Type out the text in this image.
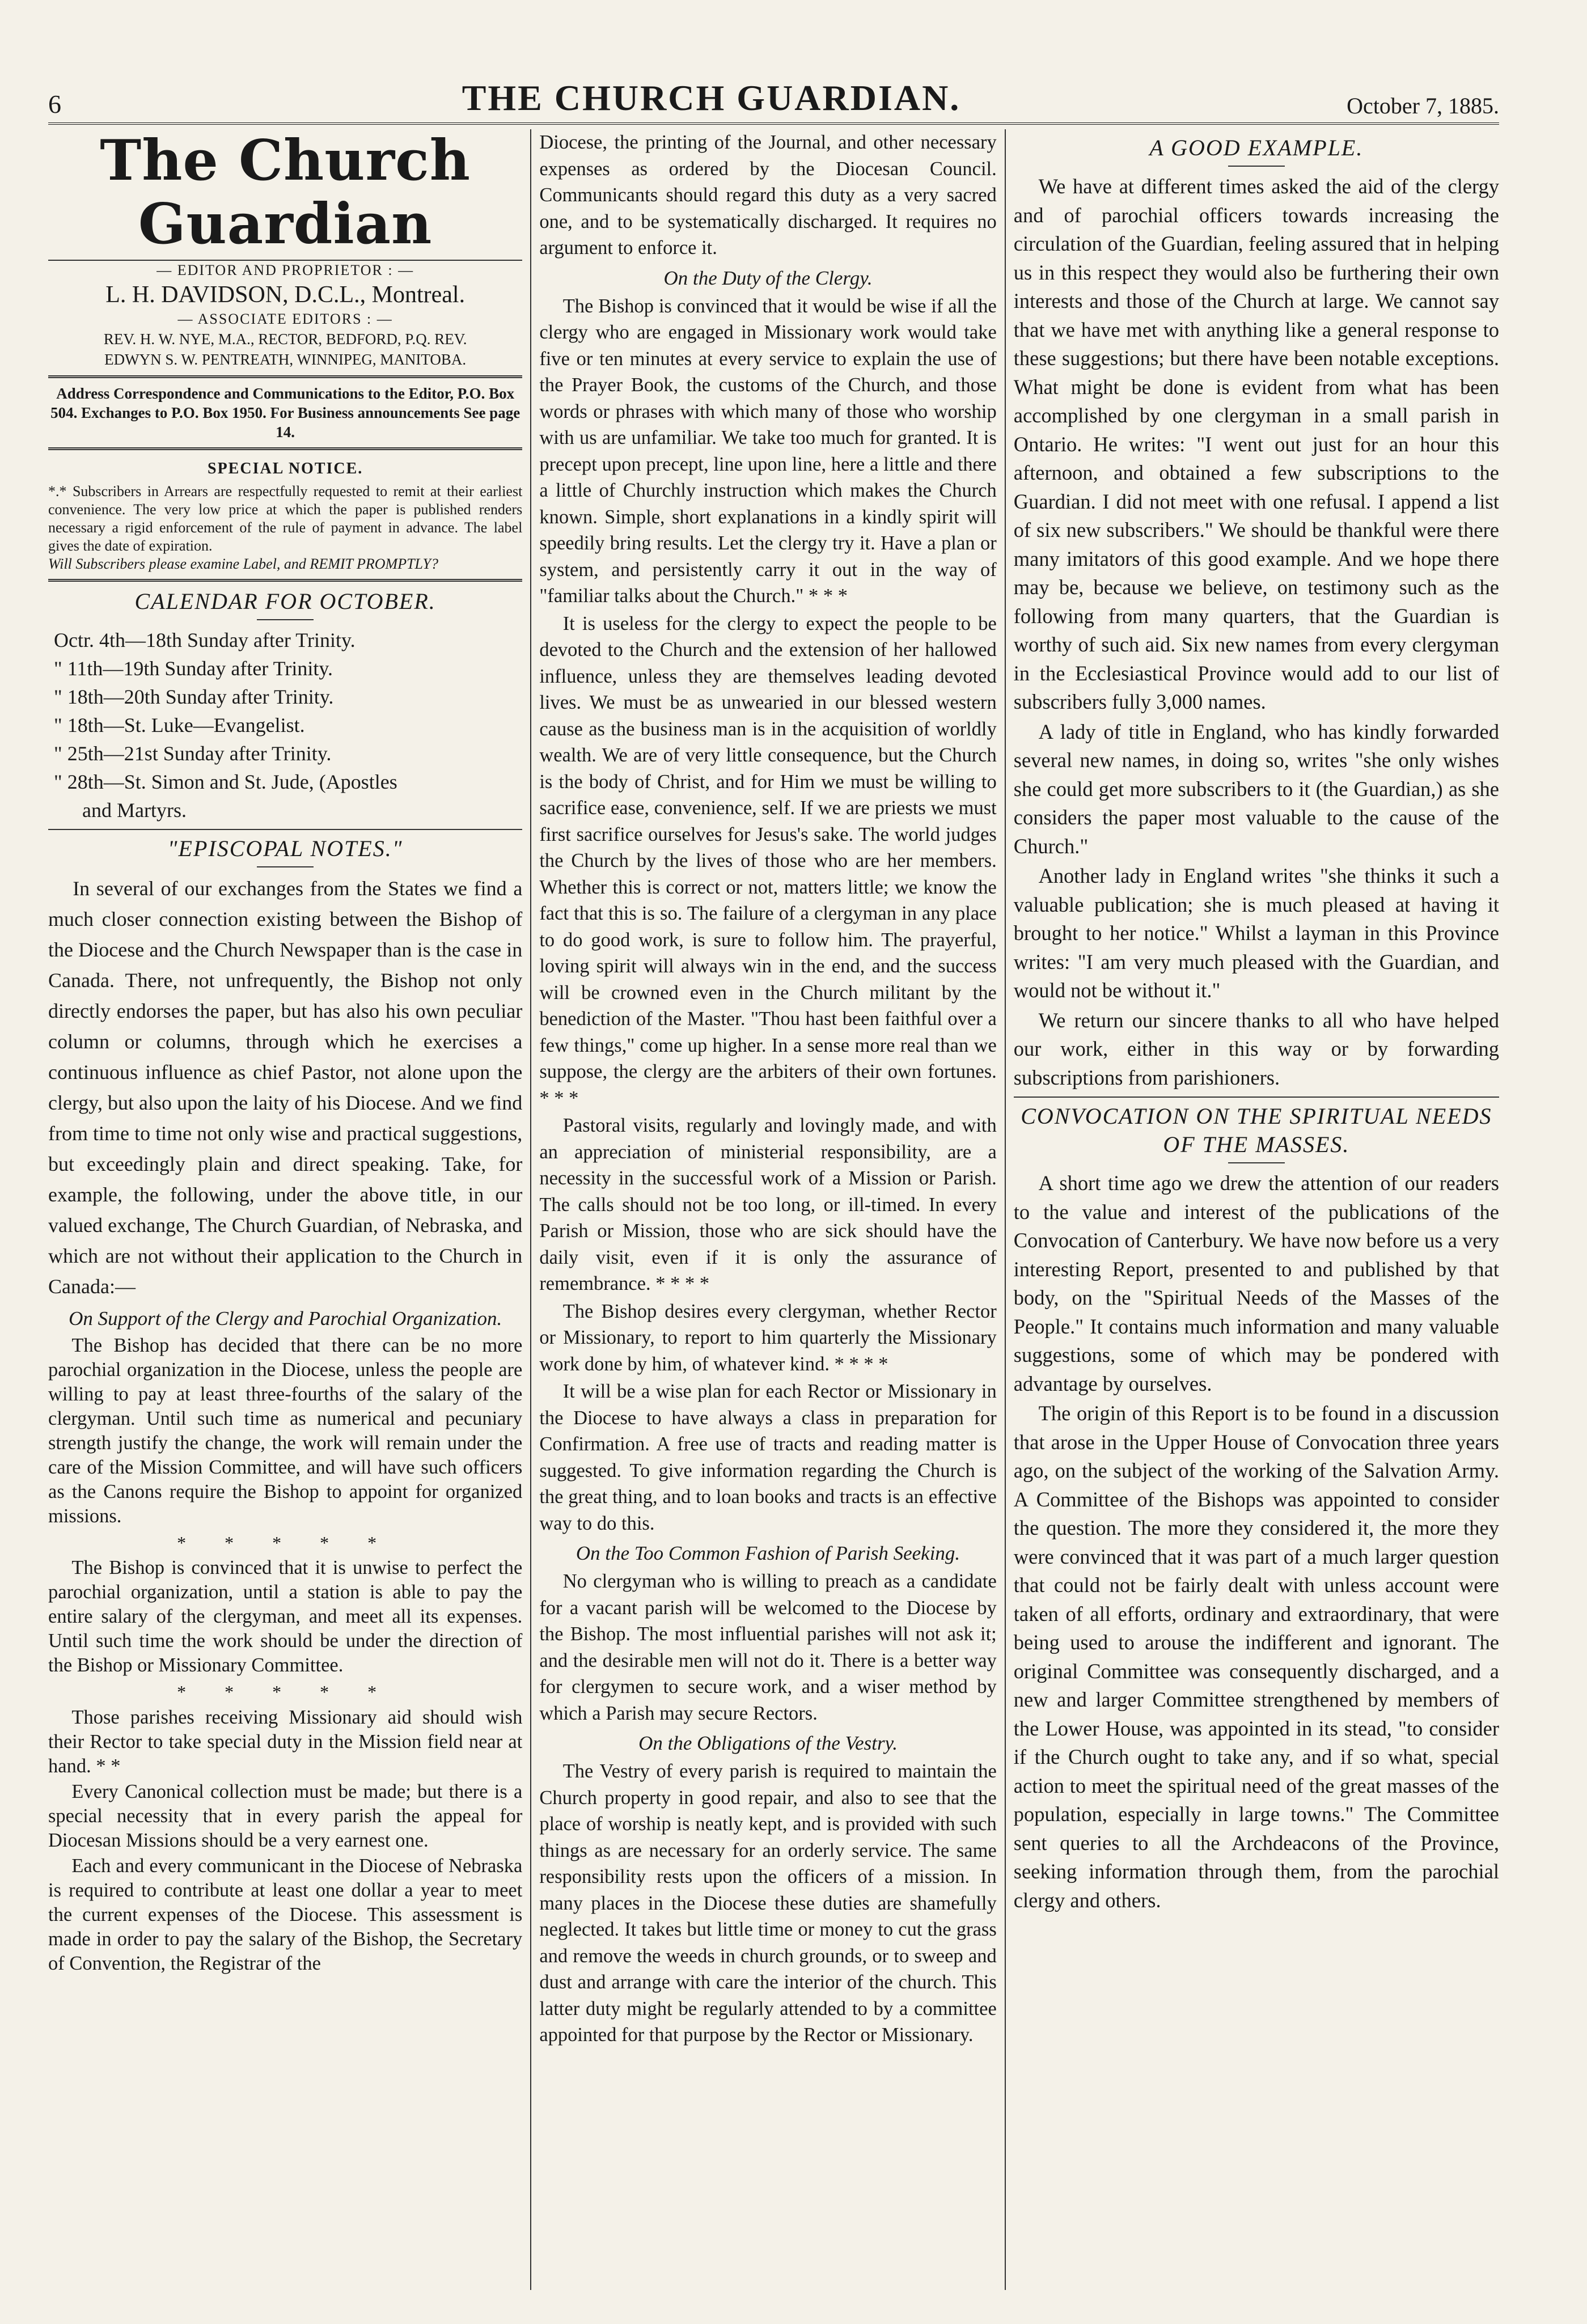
6	THE CHURCH GUARDIAN.	October 7, 1885.
The Church Guardian
— EDITOR AND PROPRIETOR : —
L. H. DAVIDSON, D.C.L., Montreal.
— ASSOCIATE EDITORS : —
REV. H. W. NYE, M.A., RECTOR, BEDFORD, P.Q. REV.
EDWYN S. W. PENTREATH, WINNIPEG, MANITOBA.
Address Correspondence and Communications to the Editor, P.O. Box 504. Exchanges to P.O. Box 1950. For Business announcements See page 14.
SPECIAL NOTICE.
*.* Subscribers in Arrears are respectfully requested to remit at their earliest convenience. The very low price at which the paper is published renders necessary a rigid enforcement of the rule of payment in advance. The label gives the date of expiration.
Will Subscribers please examine Label, and REMIT PROMPTLY?
CALENDAR FOR OCTOBER.
Octr. 4th—18th Sunday after Trinity.
" 11th—19th Sunday after Trinity.
" 18th—20th Sunday after Trinity.
" 18th—St. Luke—Evangelist.
" 25th—21st Sunday after Trinity.
" 28th—St. Simon and St. Jude, (Apostles
and Martyrs.
"EPISCOPAL NOTES."

In several of our exchanges from the States we find a much closer connection existing between the Bishop of the Diocese and the Church Newspaper than is the case in Canada. There, not unfrequently, the Bishop not only directly endorses the paper, but has also his own peculiar column or columns, through which he exercises a continuous influence as chief Pastor, not alone upon the clergy, but also upon the laity of his Diocese. And we find from time to time not only wise and practical suggestions, but exceedingly plain and direct speaking. Take, for example, the following, under the above title, in our valued exchange, The Church Guardian, of Nebraska, and which are not without their application to the Church in Canada:—

On Support of the Clergy and Parochial Organization.

The Bishop has decided that there can be no more parochial organization in the Diocese, unless the people are willing to pay at least three-fourths of the salary of the clergyman. Until such time as numerical and pecuniary strength justify the change, the work will remain under the care of the Mission Committee, and will have such officers as the Canons require the Bishop to appoint for organized missions.

* * * * *

The Bishop is convinced that it is unwise to perfect the parochial organization, until a station is able to pay the entire salary of the clergyman, and meet all its expenses. Until such time the work should be under the direction of the Bishop or Missionary Committee.

* * * * *

Those parishes receiving Missionary aid should wish their Rector to take special duty in the Mission field near at hand. * *

Every Canonical collection must be made; but there is a special necessity that in every parish the appeal for Diocesan Missions should be a very earnest one.

Each and every communicant in the Diocese of Nebraska is required to contribute at least one dollar a year to meet the current expenses of the Diocese. This assessment is made in order to pay the salary of the Bishop, the Secretary of Convention, the Registrar of the

Diocese, the printing of the Journal, and other necessary expenses as ordered by the Diocesan Council. Communicants should regard this duty as a very sacred one, and to be systematically discharged. It requires no argument to enforce it.

On the Duty of the Clergy.

The Bishop is convinced that it would be wise if all the clergy who are engaged in Missionary work would take five or ten minutes at every service to explain the use of the Prayer Book, the customs of the Church, and those words or phrases with which many of those who worship with us are unfamiliar. We take too much for granted. It is precept upon precept, line upon line, here a little and there a little of Churchly instruction which makes the Church known. Simple, short explanations in a kindly spirit will speedily bring results. Let the clergy try it. Have a plan or system, and persistently carry it out in the way of "familiar talks about the Church." * * *

It is useless for the clergy to expect the people to be devoted to the Church and the extension of her hallowed influence, unless they are themselves leading devoted lives. We must be as unwearied in our blessed western cause as the business man is in the acquisition of worldly wealth. We are of very little consequence, but the Church is the body of Christ, and for Him we must be willing to sacrifice ease, convenience, self. If we are priests we must first sacrifice ourselves for Jesus's sake. The world judges the Church by the lives of those who are her members. Whether this is correct or not, matters little; we know the fact that this is so. The failure of a clergyman in any place to do good work, is sure to follow him. The prayerful, loving spirit will always win in the end, and the success will be crowned even in the Church militant by the benediction of the Master. "Thou hast been faithful over a few things," come up higher. In a sense more real than we suppose, the clergy are the arbiters of their own fortunes. * * *

Pastoral visits, regularly and lovingly made, and with an appreciation of ministerial responsibility, are a necessity in the successful work of a Mission or Parish. The calls should not be too long, or ill-timed. In every Parish or Mission, those who are sick should have the daily visit, even if it is only the assurance of remembrance. * * * *

The Bishop desires every clergyman, whether Rector or Missionary, to report to him quarterly the Missionary work done by him, of whatever kind. * * * *

It will be a wise plan for each Rector or Missionary in the Diocese to have always a class in preparation for Confirmation. A free use of tracts and reading matter is suggested. To give information regarding the Church is the great thing, and to loan books and tracts is an effective way to do this.

On the Too Common Fashion of Parish Seeking.

No clergyman who is willing to preach as a candidate for a vacant parish will be welcomed to the Diocese by the Bishop. The most influential parishes will not ask it; and the desirable men will not do it. There is a better way for clergymen to secure work, and a wiser method by which a Parish may secure Rectors.

On the Obligations of the Vestry.

The Vestry of every parish is required to maintain the Church property in good repair, and also to see that the place of worship is neatly kept, and is provided with such things as are necessary for an orderly service. The same responsibility rests upon the officers of a mission. In many places in the Diocese these duties are shamefully neglected. It takes but little time or money to cut the grass and remove the weeds in church grounds, or to sweep and dust and arrange with care the interior of the church. This latter duty might be regularly attended to by a committee appointed for that purpose by the Rector or Missionary.

A GOOD EXAMPLE.

We have at different times asked the aid of the clergy and of parochial officers towards increasing the circulation of the Guardian, feeling assured that in helping us in this respect they would also be furthering their own interests and those of the Church at large. We cannot say that we have met with anything like a general response to these suggestions; but there have been notable exceptions. What might be done is evident from what has been accomplished by one clergyman in a small parish in Ontario. He writes: "I went out just for an hour this afternoon, and obtained a few subscriptions to the Guardian. I did not meet with one refusal. I append a list of six new subscribers." We should be thankful were there many imitators of this good example. And we hope there may be, because we believe, on testimony such as the following from many quarters, that the Guardian is worthy of such aid. Six new names from every clergyman in the Ecclesiastical Province would add to our list of subscribers fully 3,000 names.

A lady of title in England, who has kindly forwarded several new names, in doing so, writes "she only wishes she could get more subscribers to it (the Guardian,) as she considers the paper most valuable to the cause of the Church."

Another lady in England writes "she thinks it such a valuable publication; she is much pleased at having it brought to her notice." Whilst a layman in this Province writes: "I am very much pleased with the Guardian, and would not be without it."

We return our sincere thanks to all who have helped our work, either in this way or by forwarding subscriptions from parishioners.

CONVOCATION ON THE SPIRITUAL NEEDS OF THE MASSES.

A short time ago we drew the attention of our readers to the value and interest of the publications of the Convocation of Canterbury. We have now before us a very interesting Report, presented to and published by that body, on the "Spiritual Needs of the Masses of the People." It contains much information and many valuable suggestions, some of which may be pondered with advantage by ourselves.

The origin of this Report is to be found in a discussion that arose in the Upper House of Convocation three years ago, on the subject of the working of the Salvation Army. A Committee of the Bishops was appointed to consider the question. The more they considered it, the more they were convinced that it was part of a much larger question that could not be fairly dealt with unless account were taken of all efforts, ordinary and extraordinary, that were being used to arouse the indifferent and ignorant. The original Committee was consequently discharged, and a new and larger Committee strengthened by members of the Lower House, was appointed in its stead, "to consider if the Church ought to take any, and if so what, special action to meet the spiritual need of the great masses of the population, especially in large towns." The Committee sent queries to all the Archdeacons of the Province, seeking information through them, from the parochial clergy and others.
